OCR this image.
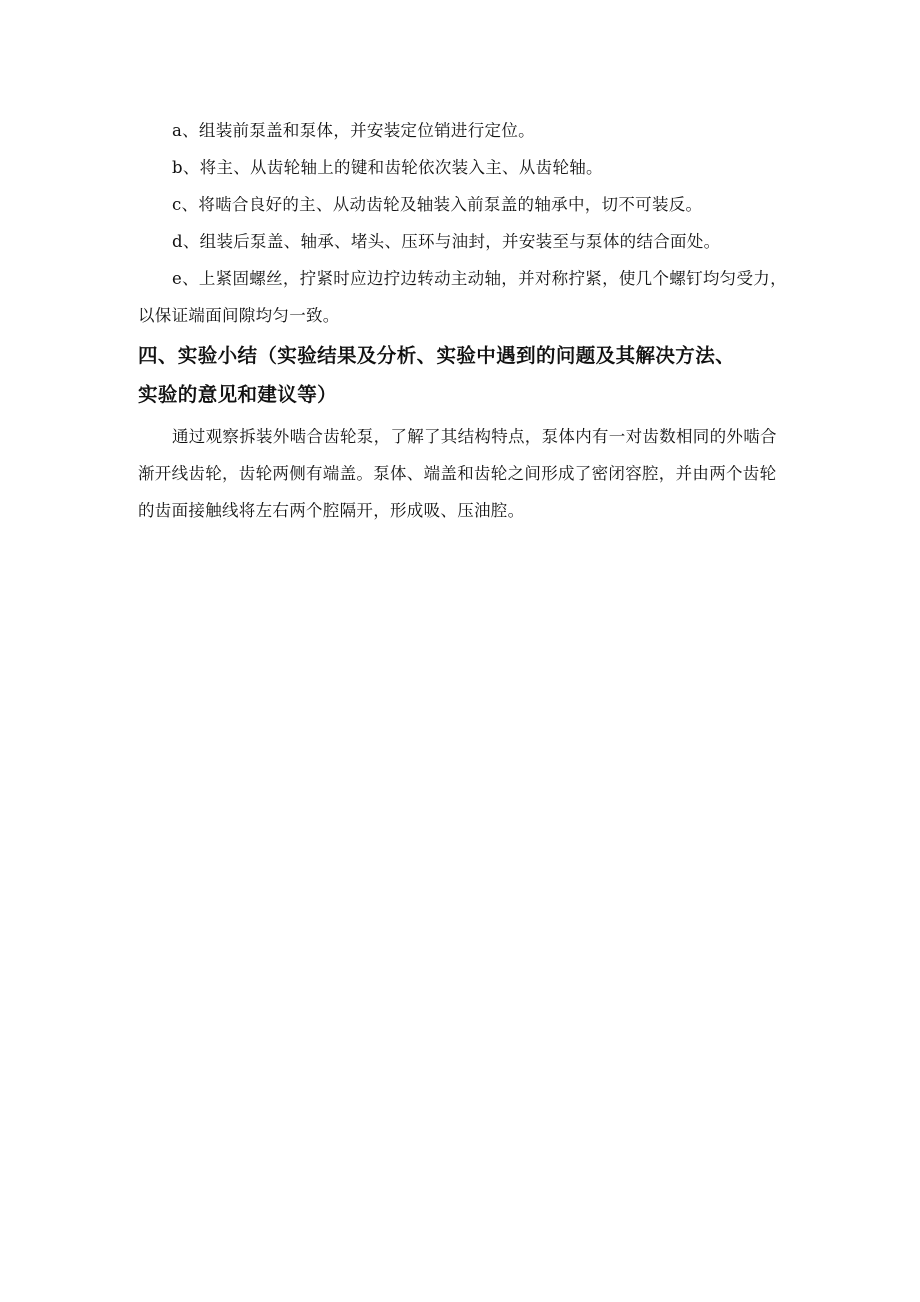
a、组装前泵盖和泵体，并安装定位销进行定位。

b、将主、从齿轮轴上的键和齿轮依次装入主、从齿轮轴。

c、将啮合良好的主、从动齿轮及轴装入前泵盖的轴承中，切不可装反。

d、组装后泵盖、轴承、堵头、压环与油封，并安装至与泵体的结合面处。

e、上紧固螺丝，拧紧时应边拧边转动主动轴，并对称拧紧，使几个螺钉均匀受力，以保证端面间隙均匀一致。

四、实验小结（实验结果及分析、实验中遇到的问题及其解决方法、
实验的意见和建议等）

通过观察拆装外啮合齿轮泵，了解了其结构特点，泵体内有一对齿数相同的外啮合渐开线齿轮，齿轮两侧有端盖。泵体、端盖和齿轮之间形成了密闭容腔，并由两个齿轮的齿面接触线将左右两个腔隔开，形成吸、压油腔。
